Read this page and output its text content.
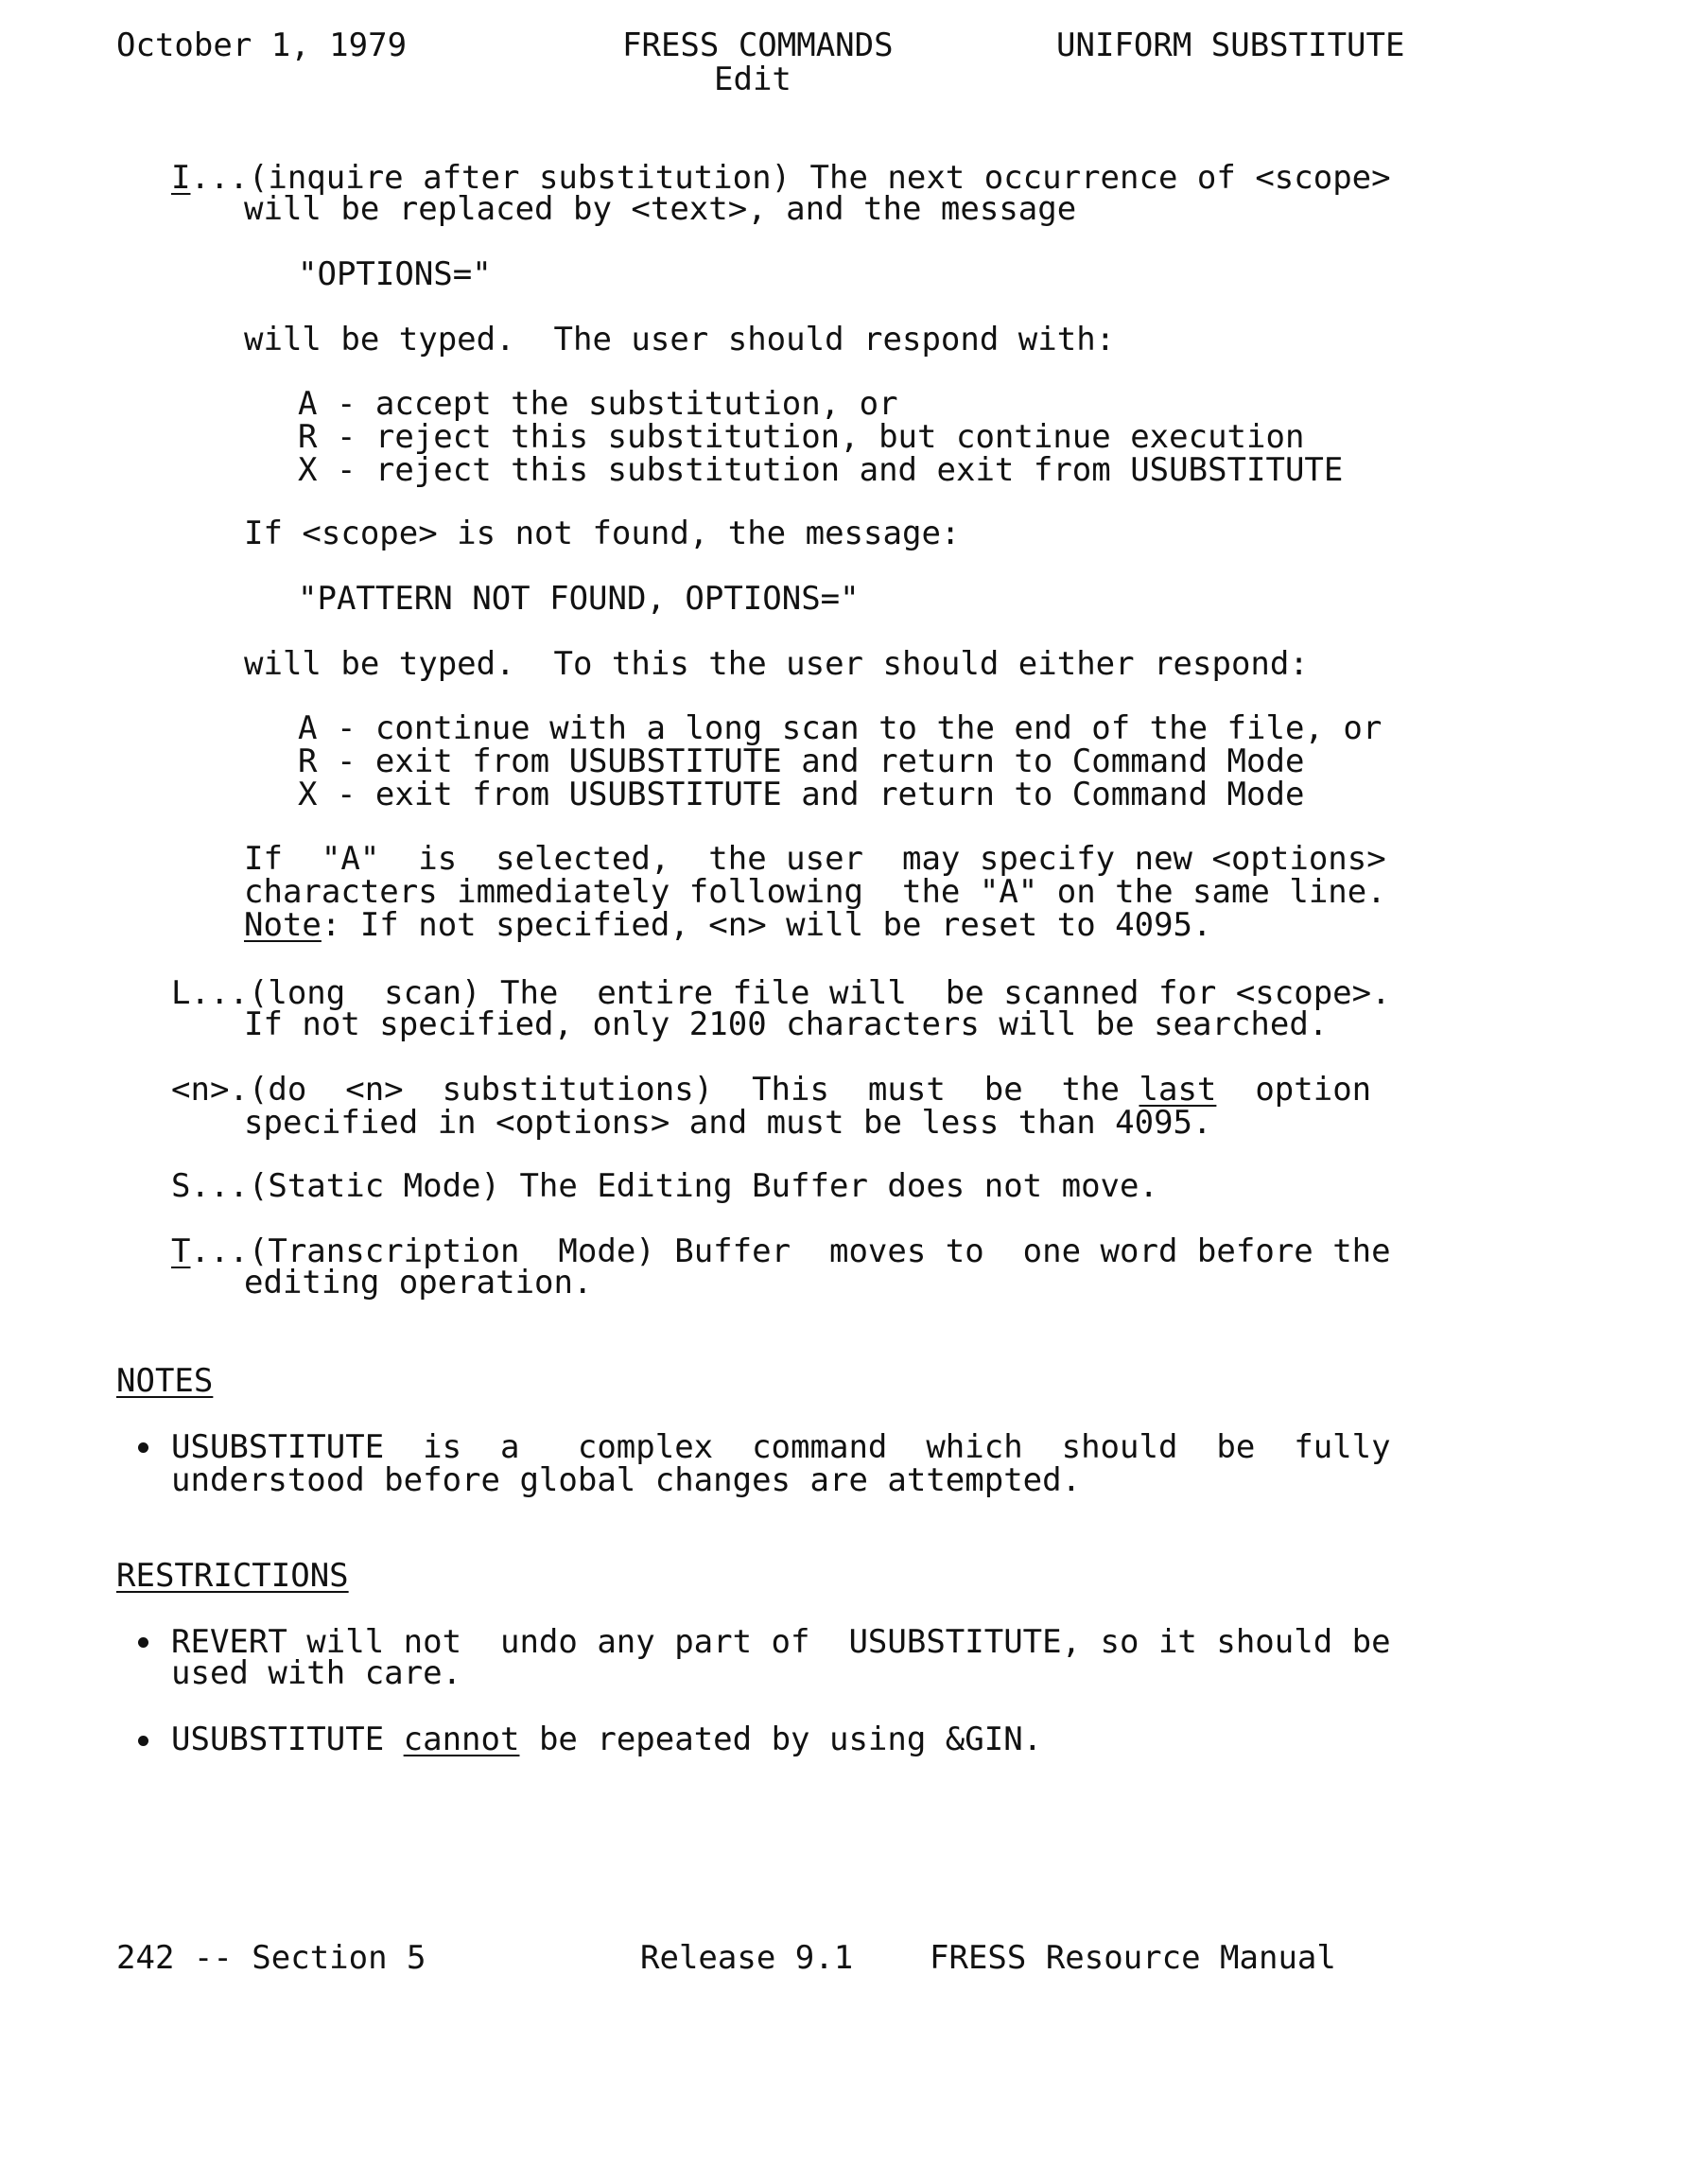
October 1, 1979	FRESS COMMANDS
Edit
UNIFORM SUBSTITUTE
I...(inquire after substitution) The next occurrence of <scope>
will be replaced by <text>, and the message
"OPTIONS="
will be typed.  The user should respond with:
A - accept the substitution, or
R - reject this substitution, but continue execution
X - reject this substitution and exit from USUBSTITUTE
If <scope> is not found, the message:
"PATTERN NOT FOUND, OPTIONS="
will be typed.  To this the user should either respond:
A - continue with a long scan to the end of the file, or
R - exit from USUBSTITUTE and return to Command Mode
X - exit from USUBSTITUTE and return to Command Mode
If  "A"  is  selected,  the user  may specify new <options>
characters immediately following  the "A" on the same line.
Note: If not specified, <n> will be reset to 4095.
L...(long  scan) The  entire file will  be scanned for <scope>.
If not specified, only 2100 characters will be searched.
<n>.(do  <n>  substitutions)  This  must  be  the last  option
specified in <options> and must be less than 4095.
S...(Static Mode) The Editing Buffer does not move.
T...(Transcription  Mode) Buffer  moves to  one word before the
editing operation.
NOTES
USUBSTITUTE  is  a   complex  command  which  should  be  fully
understood before global changes are attempted.
RESTRICTIONS
REVERT will not  undo any part of  USUBSTITUTE, so it should be
used with care.
USUBSTITUTE cannot be repeated by using &GIN.
242 -- Section 5	Release 9.1 FRESS Resource Manual
